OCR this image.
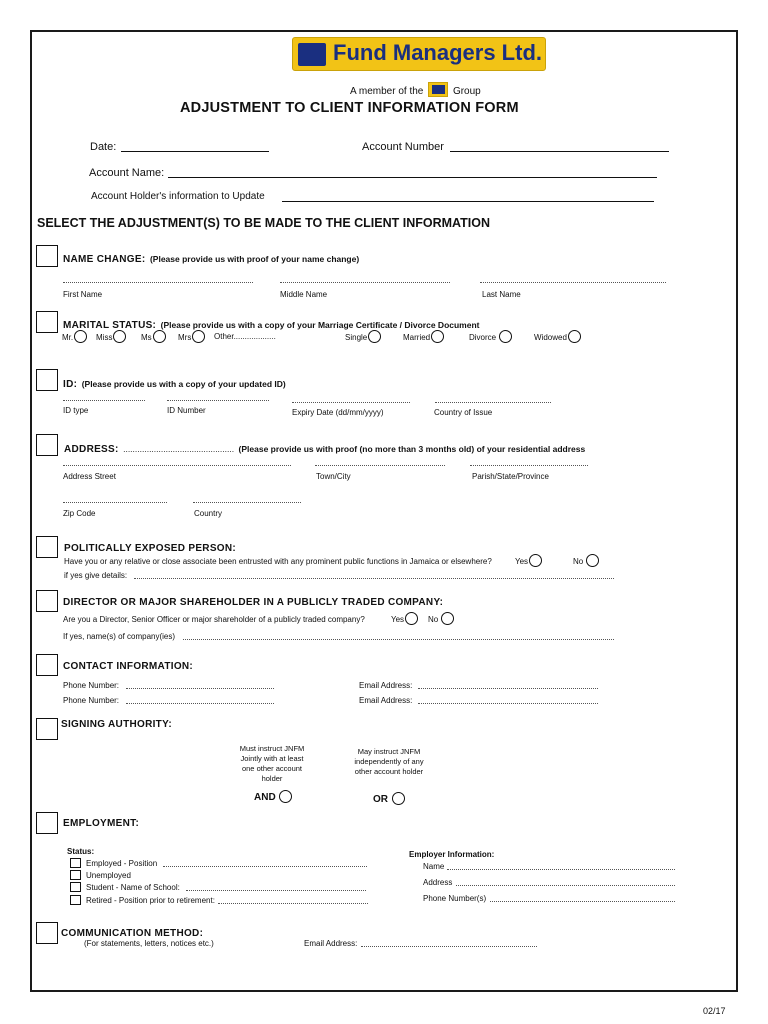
Fund Managers Ltd.
A member of the	Group
ADJUSTMENT TO CLIENT INFORMATION FORM
Date:	Account Number
Account Name:
Account Holder's information to Update
SELECT THE ADJUSTMENT(S) TO BE MADE TO THE CLIENT INFORMATION
NAME CHANGE: (Please provide us with proof of your name change)
First Name	Middle Name	Last Name
MARITAL STATUS: (Please provide us with a copy of your Marriage Certificate / Divorce Document
Mr.	Miss	Ms	Mrs	Other...................	Single	Married	Divorce	Widowed
ID: (Please provide us with a copy of your updated ID)
ID type	ID Number	Expiry Date (dd/mm/yyyy)	Country of Issue
ADDRESS: ............................................... (Please provide us with proof (no more than 3 months old) of your residential address
Address Street	Town/City	Parish/State/Province
Zip Code	Country
POLITICALLY EXPOSED PERSON:
Have you or any relative or close associate been entrusted with any prominent public functions in Jamaica or elsewhere?	Yes	No
if yes give details:
DIRECTOR OR MAJOR SHAREHOLDER IN A PUBLICLY TRADED COMPANY:
Are you a Director, Senior Officer or major shareholder of a publicly traded company?	Yes	No
If yes, name(s) of company(ies)
CONTACT INFORMATION:
Phone Number:	Email Address:
Phone Number:	Email Address:
SIGNING AUTHORITY:
Must instruct JNFM Jointly with at least one other account holder
May instruct JNFM independently of any other account holder
AND	OR
EMPLOYMENT:
Status:
Employed - Position
Unemployed
Student - Name of School:
Retired - Position prior to retirement:
Employer Information:
Name
Address
Phone Number(s)
COMMUNICATION METHOD:
(For statements, letters, notices etc.)	Email Address:
02/17
